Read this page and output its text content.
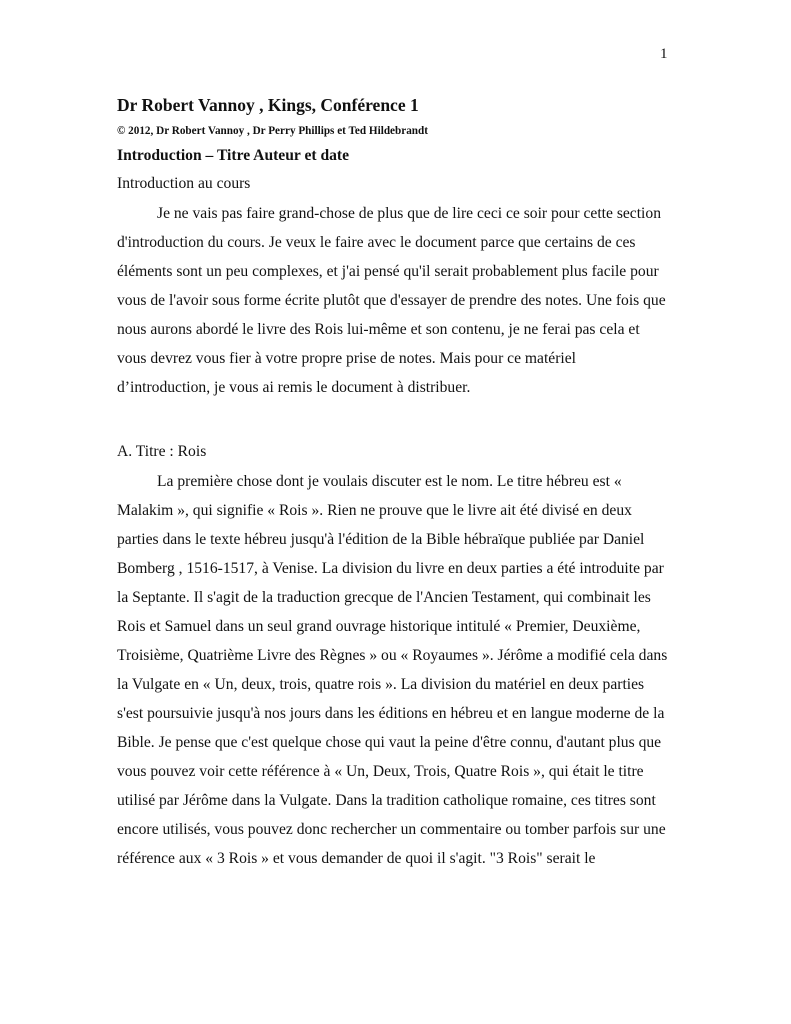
1
Dr Robert Vannoy , Kings, Conférence 1

© 2012, Dr Robert Vannoy , Dr Perry Phillips et Ted Hildebrandt

Introduction – Titre Auteur et date

Introduction au cours

Je ne vais pas faire grand-chose de plus que de lire ceci ce soir pour cette section d'introduction du cours. Je veux le faire avec le document parce que certains de ces éléments sont un peu complexes, et j'ai pensé qu'il serait probablement plus facile pour vous de l'avoir sous forme écrite plutôt que d'essayer de prendre des notes. Une fois que nous aurons abordé le livre des Rois lui-même et son contenu, je ne ferai pas cela et vous devrez vous fier à votre propre prise de notes. Mais pour ce matériel d’introduction, je vous ai remis le document à distribuer.

A. Titre : Rois

La première chose dont je voulais discuter est le nom. Le titre hébreu est « Malakim », qui signifie « Rois ». Rien ne prouve que le livre ait été divisé en deux parties dans le texte hébreu jusqu'à l'édition de la Bible hébraïque publiée par Daniel Bomberg , 1516-1517, à Venise. La division du livre en deux parties a été introduite par la Septante. Il s'agit de la traduction grecque de l'Ancien Testament, qui combinait les Rois et Samuel dans un seul grand ouvrage historique intitulé « Premier, Deuxième, Troisième, Quatrième Livre des Règnes » ou « Royaumes ». Jérôme a modifié cela dans la Vulgate en « Un, deux, trois, quatre rois ». La division du matériel en deux parties s'est poursuivie jusqu'à nos jours dans les éditions en hébreu et en langue moderne de la Bible. Je pense que c'est quelque chose qui vaut la peine d'être connu, d'autant plus que vous pouvez voir cette référence à « Un, Deux, Trois, Quatre Rois », qui était le titre utilisé par Jérôme dans la Vulgate. Dans la tradition catholique romaine, ces titres sont encore utilisés, vous pouvez donc rechercher un commentaire ou tomber parfois sur une référence aux « 3 Rois » et vous demander de quoi il s'agit. "3 Rois" serait le
